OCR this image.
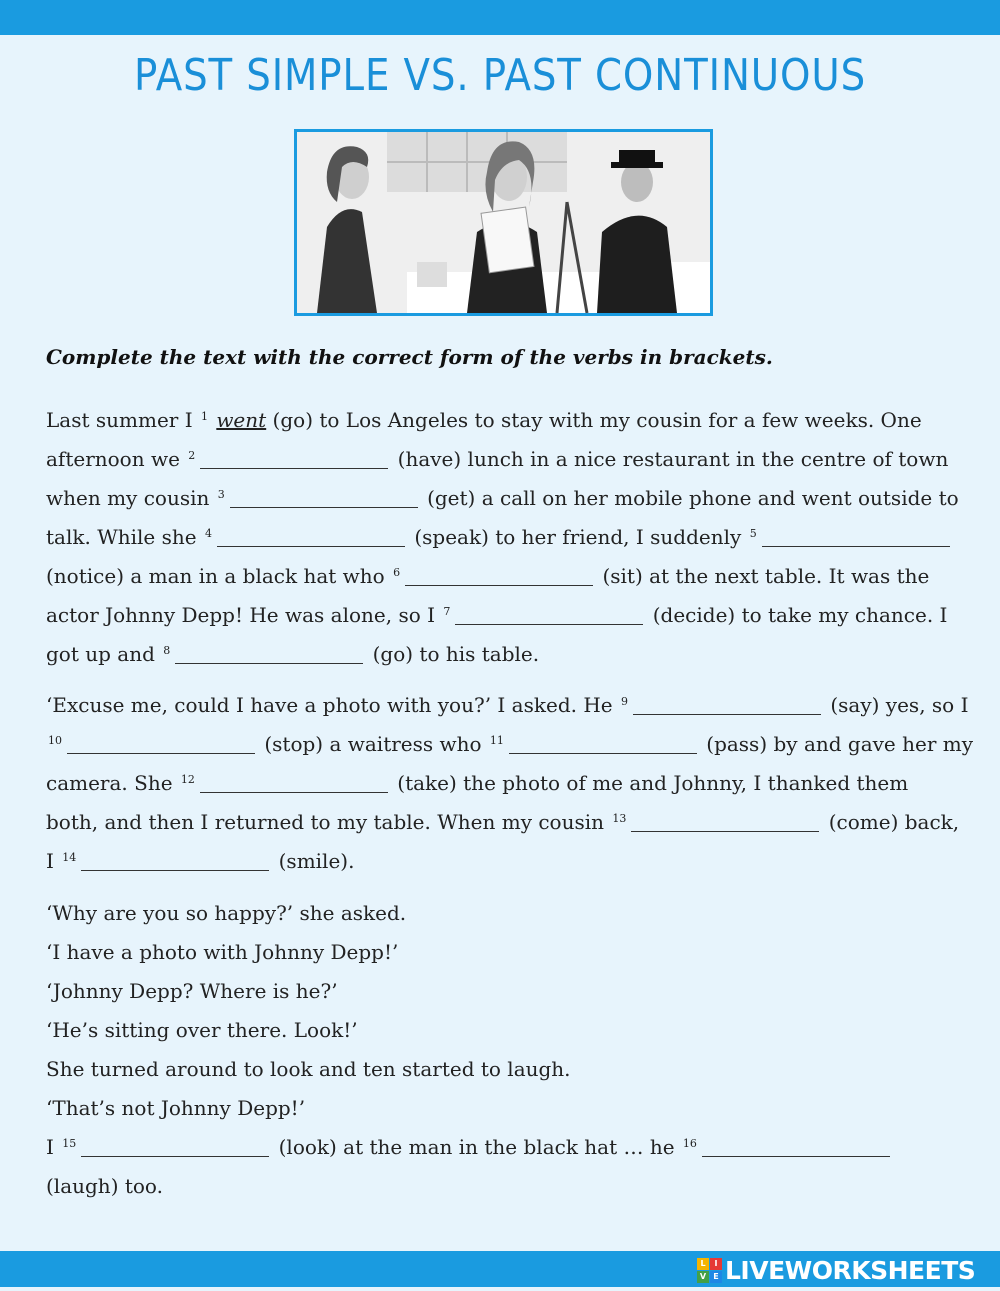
PAST SIMPLE VS. PAST CONTINUOUS
Complete the text with the correct form of the verbs in brackets.
Last summer I $^1$ went (go) to Los Angeles to stay with my cousin for a few weeks. One
afternoon we $^2$	(have) lunch in a nice restaurant in the centre of town
when my cousin $^3$	(get) a call on her mobile phone and went outside to
talk. While she $^4$	(speak) to her friend, I suddenly $^5$
(notice) a man in a black hat who $^6$	(sit) at the next table. It was the
actor Johnny Depp! He was alone, so I $^7$	(decide) to take my chance. I
got up and $^8$	(go) to his table.
‘Excuse me, could I have a photo with you?’ I asked. He $^9$	(say) yes, so I
$^{10}$	(stop) a waitress who $^{11}$	(pass) by and gave her my
camera. She $^{12}$	(take) the photo of me and Johnny, I thanked them
both, and then I returned to my table. When my cousin $^{13}$	(come) back,
I $^{14}$	(smile).
‘Why are you so happy?’ she asked.
‘I have a photo with Johnny Depp!’
‘Johnny Depp? Where is he?’
‘He’s sitting over there. Look!’
She turned around to look and ten started to laugh.
‘That’s not Johnny Depp!’
I $^{15}$	(look) at the man in the black hat … he $^{16}$
(laugh) too.
L	I
V E LIVEWORKSHEETS
